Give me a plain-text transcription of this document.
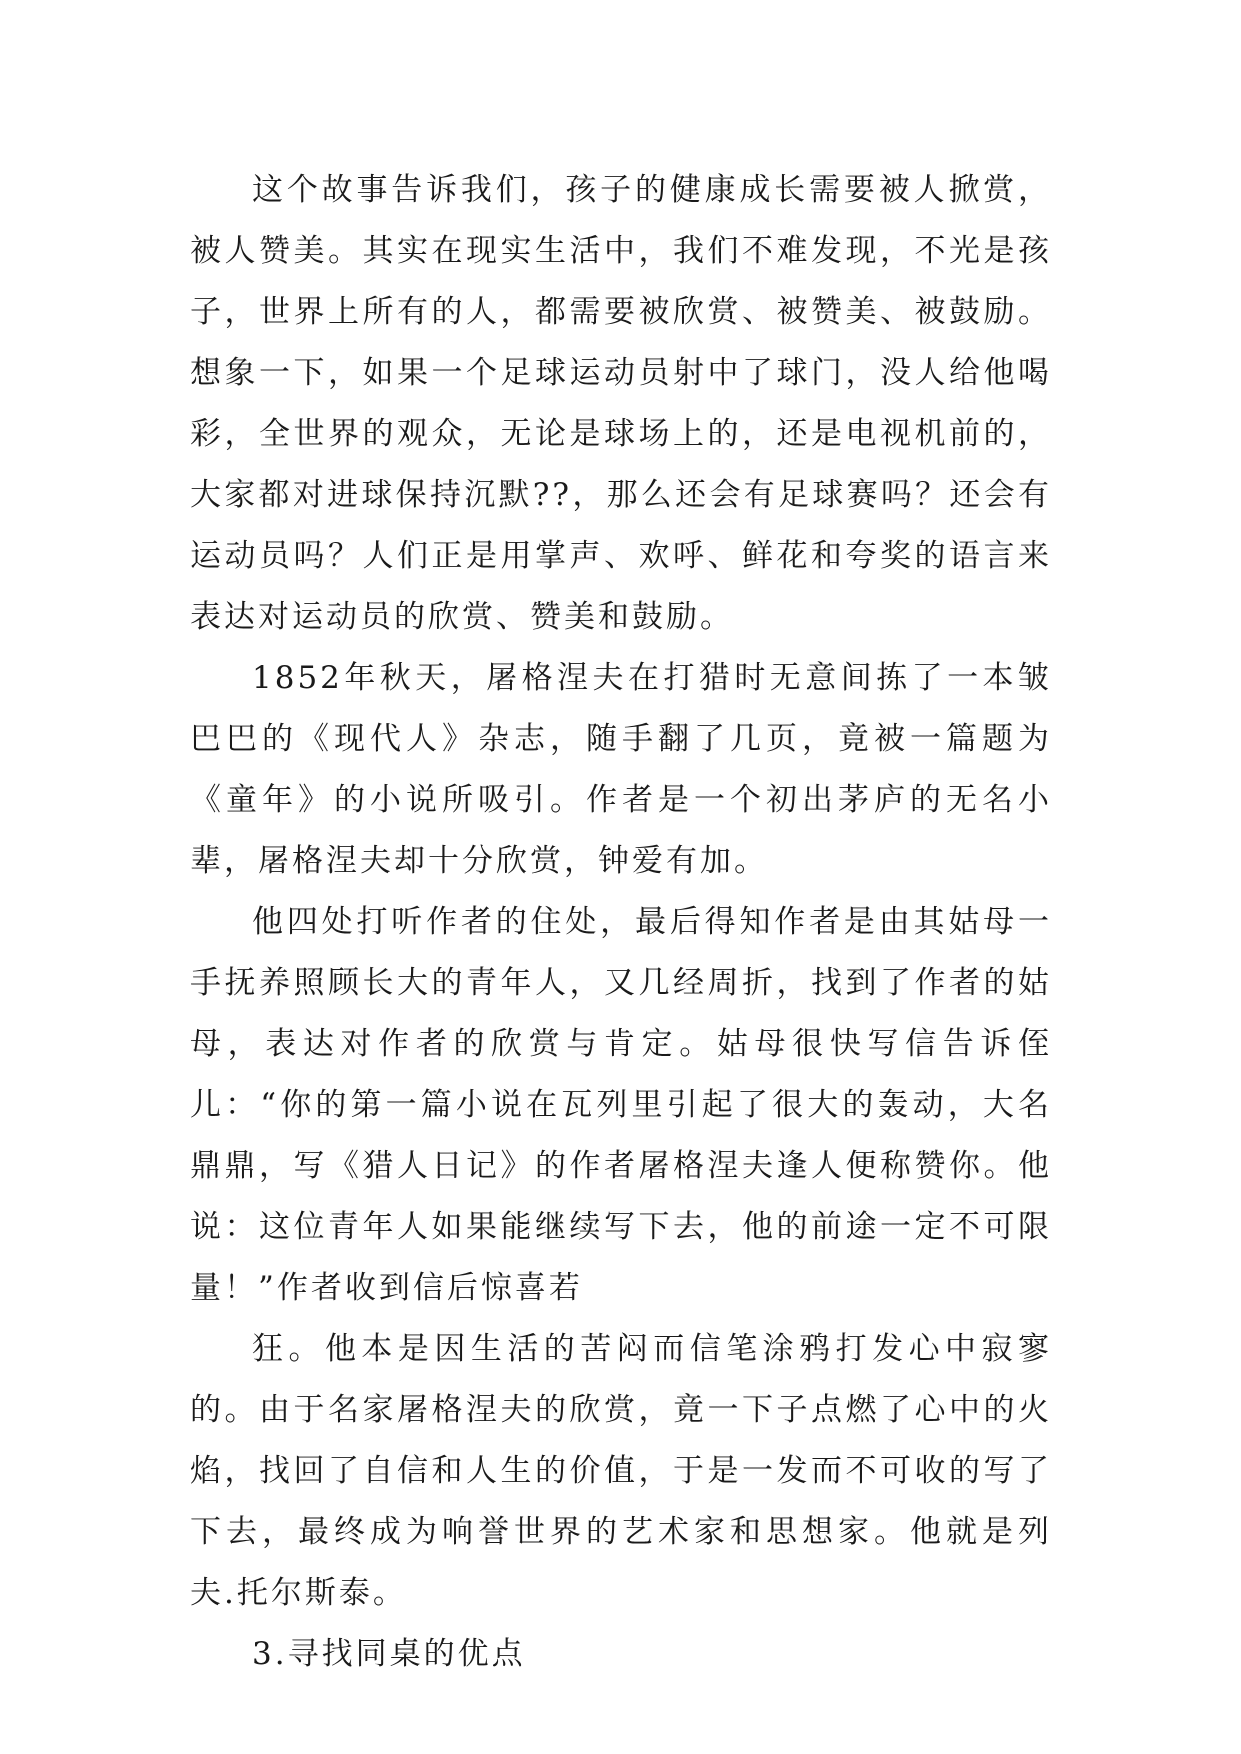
这个故事告诉我们，孩子的健康成长需要被人掀赏，被人赞美。其实在现实生活中，我们不难发现，不光是孩子，世界上所有的人，都需要被欣赏、被赞美、被鼓励。想象一下，如果一个足球运动员射中了球门，没人给他喝彩，全世界的观众，无论是球场上的，还是电视机前的，大家都对进球保持沉默??，那么还会有足球赛吗？还会有运动员吗？人们正是用掌声、欢呼、鲜花和夸奖的语言来表达对运动员的欣赏、赞美和鼓励。

1852年秋天，屠格涅夫在打猎时无意间拣了一本皱巴巴的《现代人》杂志，随手翻了几页，竟被一篇题为《童年》的小说所吸引。作者是一个初出茅庐的无名小辈，屠格涅夫却十分欣赏，钟爱有加。

他四处打听作者的住处，最后得知作者是由其姑母一手抚养照顾长大的青年人，又几经周折，找到了作者的姑母，表达对作者的欣赏与肯定。姑母很快写信告诉侄儿：“你的第一篇小说在瓦列里引起了很大的轰动，大名鼎鼎，写《猎人日记》的作者屠格涅夫逢人便称赞你。他说：这位青年人如果能继续写下去，他的前途一定不可限量！”作者收到信后惊喜若

狂。他本是因生活的苦闷而信笔涂鸦打发心中寂寥的。由于名家屠格涅夫的欣赏，竟一下子点燃了心中的火焰，找回了自信和人生的价值，于是一发而不可收的写了下去，最终成为响誉世界的艺术家和思想家。他就是列夫.托尔斯泰。

3.寻找同桌的优点
